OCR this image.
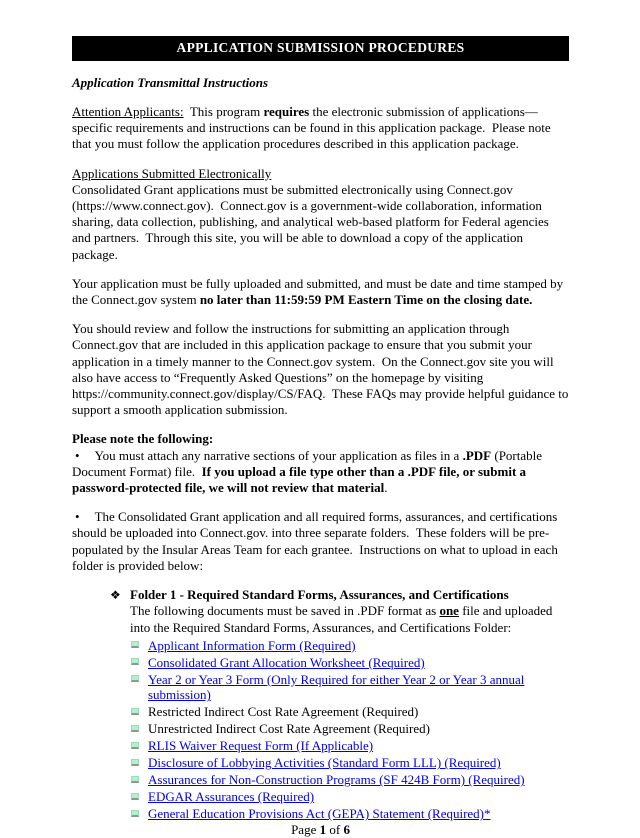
APPLICATION SUBMISSION PROCEDURES
Application Transmittal Instructions
Attention Applicants:  This program requires the electronic submission of applications—specific requirements and instructions can be found in this application package.  Please note that you must follow the application procedures described in this application package.
Applications Submitted Electronically
Consolidated Grant applications must be submitted electronically using Connect.gov (https://www.connect.gov).  Connect.gov is a government-wide collaboration, information sharing, data collection, publishing, and analytical web-based platform for Federal agencies and partners.  Through this site, you will be able to download a copy of the application package.
Your application must be fully uploaded and submitted, and must be date and time stamped by the Connect.gov system no later than 11:59:59 PM Eastern Time on the closing date.
You should review and follow the instructions for submitting an application through Connect.gov that are included in this application package to ensure that you submit your application in a timely manner to the Connect.gov system.  On the Connect.gov site you will also have access to “Frequently Asked Questions” on the homepage by visiting https://community.connect.gov/display/CS/FAQ.  These FAQs may provide helpful guidance to support a smooth application submission.
Please note the following:
• You must attach any narrative sections of your application as files in a .PDF (Portable Document Format) file.  If you upload a file type other than a .PDF file, or submit a password-protected file, we will not review that material.
• The Consolidated Grant application and all required forms, assurances, and certifications should be uploaded into Connect.gov. into three separate folders.  These folders will be pre-populated by the Insular Areas Team for each grantee.  Instructions on what to upload in each folder is provided below:
❖ Folder 1 - Required Standard Forms, Assurances, and Certifications
The following documents must be saved in .PDF format as one file and uploaded into the Required Standard Forms, Assurances, and Certifications Folder:
Applicant Information Form (Required)
Consolidated Grant Allocation Worksheet (Required)
Year 2 or Year 3 Form (Only Required for either Year 2 or Year 3 annual submission)
Restricted Indirect Cost Rate Agreement (Required)
Unrestricted Indirect Cost Rate Agreement (Required)
RLIS Waiver Request Form (If Applicable)
Disclosure of Lobbying Activities (Standard Form LLL) (Required)
Assurances for Non-Construction Programs (SF 424B Form) (Required)
EDGAR Assurances (Required)
General Education Provisions Act (GEPA) Statement (Required)*
Page 1 of 6
